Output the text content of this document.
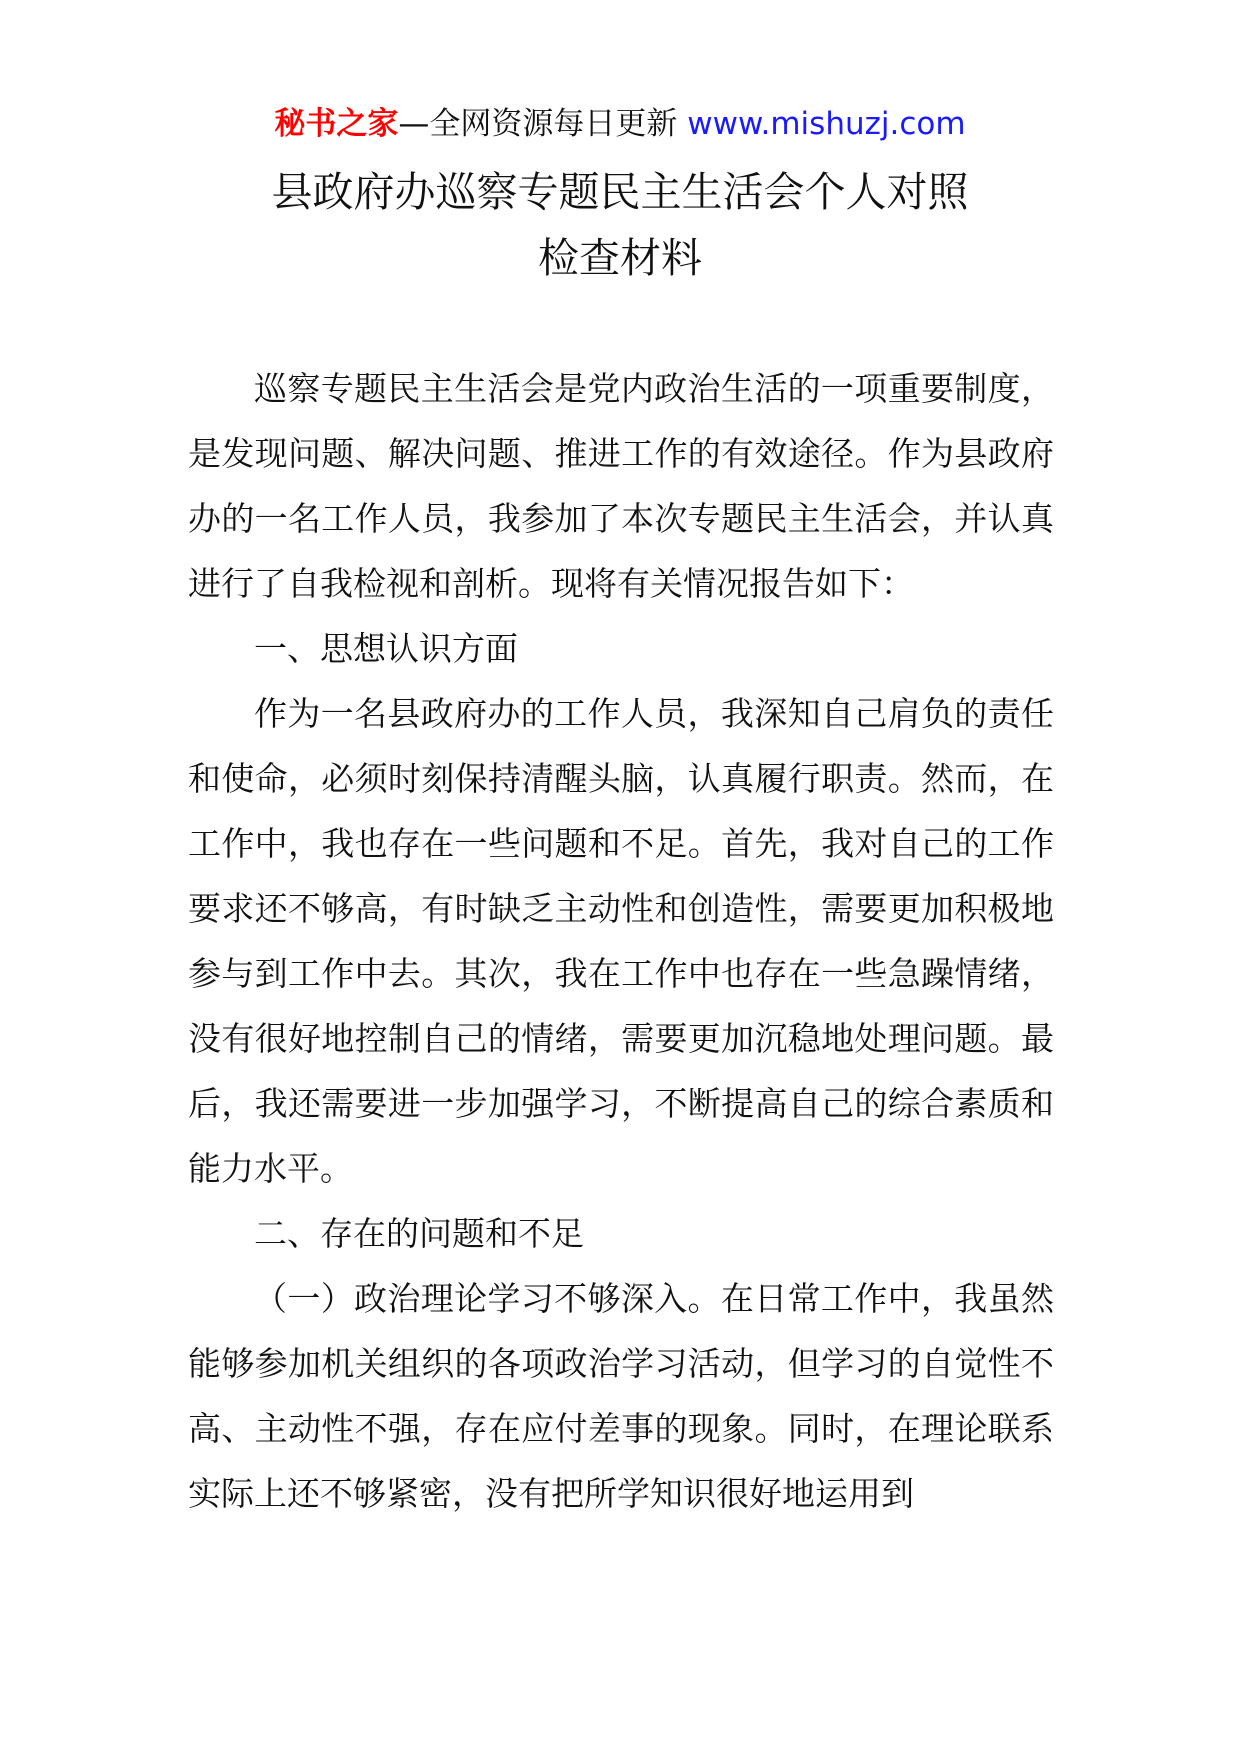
秘书之家—全网资源每日更新 www.mishuzj.com
县政府办巡察专题民主生活会个人对照
检查材料

巡察专题民主生活会是党内政治生活的一项重要制度，是发现问题、解决问题、推进工作的有效途径。作为县政府办的一名工作人员，我参加了本次专题民主生活会，并认真进行了自我检视和剖析。现将有关情况报告如下：

一、思想认识方面

作为一名县政府办的工作人员，我深知自己肩负的责任和使命，必须时刻保持清醒头脑，认真履行职责。然而，在工作中，我也存在一些问题和不足。首先，我对自己的工作要求还不够高，有时缺乏主动性和创造性，需要更加积极地参与到工作中去。其次，我在工作中也存在一些急躁情绪，没有很好地控制自己的情绪，需要更加沉稳地处理问题。最后，我还需要进一步加强学习，不断提高自己的综合素质和能力水平。

二、存在的问题和不足

（一）政治理论学习不够深入。在日常工作中，我虽然能够参加机关组织的各项政治学习活动，但学习的自觉性不高、主动性不强，存在应付差事的现象。同时，在理论联系实际上还不够紧密，没有把所学知识很好地运用到
